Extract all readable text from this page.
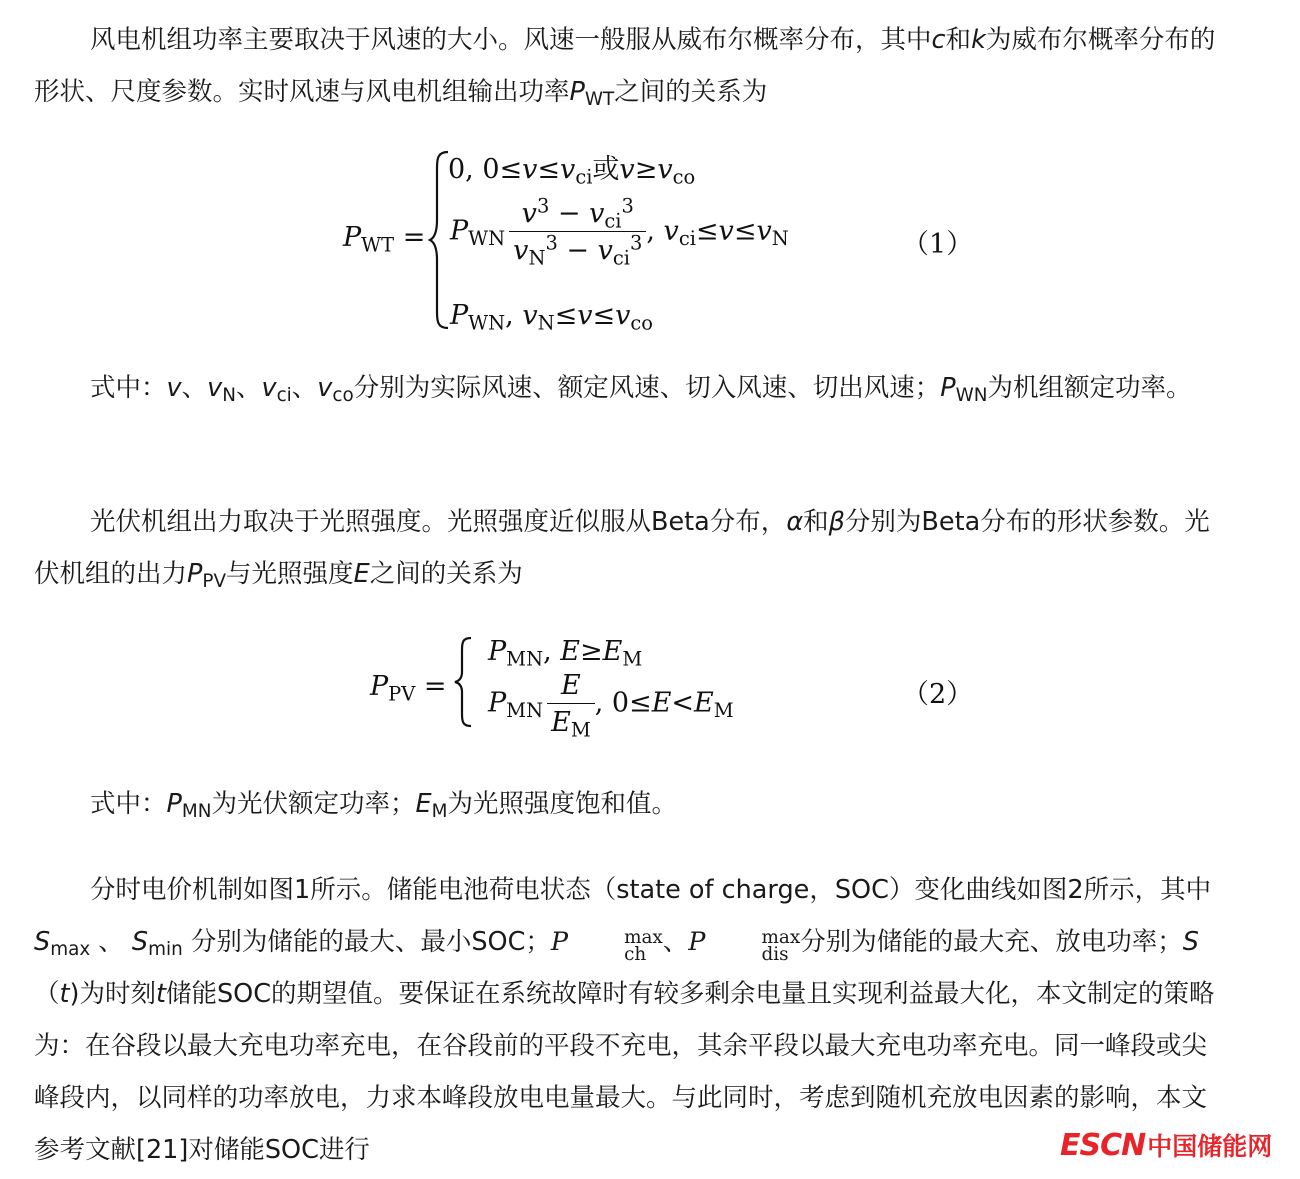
风电机组功率主要取决于风速的大小。风速一般服从威布尔概率分布，其中c和k为威布尔概率分布的形状、尺度参数。实时风速与风电机组输出功率$P_{WT}$之间的关系为

$P_{WT}$ =
0, $0\le v\le v_{ci}$或$v\ge v_{co}$
$P_{WN} \frac{v^3 - v_{ci}^3}{v_N^3 - v_{ci}^3}$ , $v_{ci}\le v\le v_N$
$P_{WN}$, $v_N\le v\le v_{co}$
（1）

式中：v、$v_N$、$v_{ci}$、$v_{co}$分别为实际风速、额定风速、切入风速、切出风速；$P_{WN}$为机组额定功率。

光伏机组出力取决于光照强度。光照强度近似服从Beta分布，α和β分别为Beta分布的形状参数。光伏机组的出力$P_{PV}$与光照强度E之间的关系为

$P_{PV}$ =
$P_{MN}$, $E\ge E_M$
$P_{MN} \frac{E}{E_M}$ , $0\le E<E_M$
（2）

式中：$P_{MN}$为光伏额定功率；$E_M$为光照强度饱和值。

分时电价机制如图1所示。储能电池荷电状态（state of charge，SOC）变化曲线如图2所示，其中 $S_{max}$ 、 $S_{min}$ 分别为储能的最大、最小SOC；P	max
ch 、P	max
dis 分别为储能的最大充、放电功率；S（t)为时刻t储能SOC的期望值。要保证在系统故障时有较多剩余电量且实现利益最大化，本文制定的策略为：在谷段以最大充电功率充电，在谷段前的平段不充电，其余平段以最大充电功率充电。同一峰段或尖峰段内，以同样的功率放电，力求本峰段放电电量最大。与此同时，考虑到随机充放电因素的影响，本文参考文献[21]对储能SOC进行	ESCN 中国储能网
